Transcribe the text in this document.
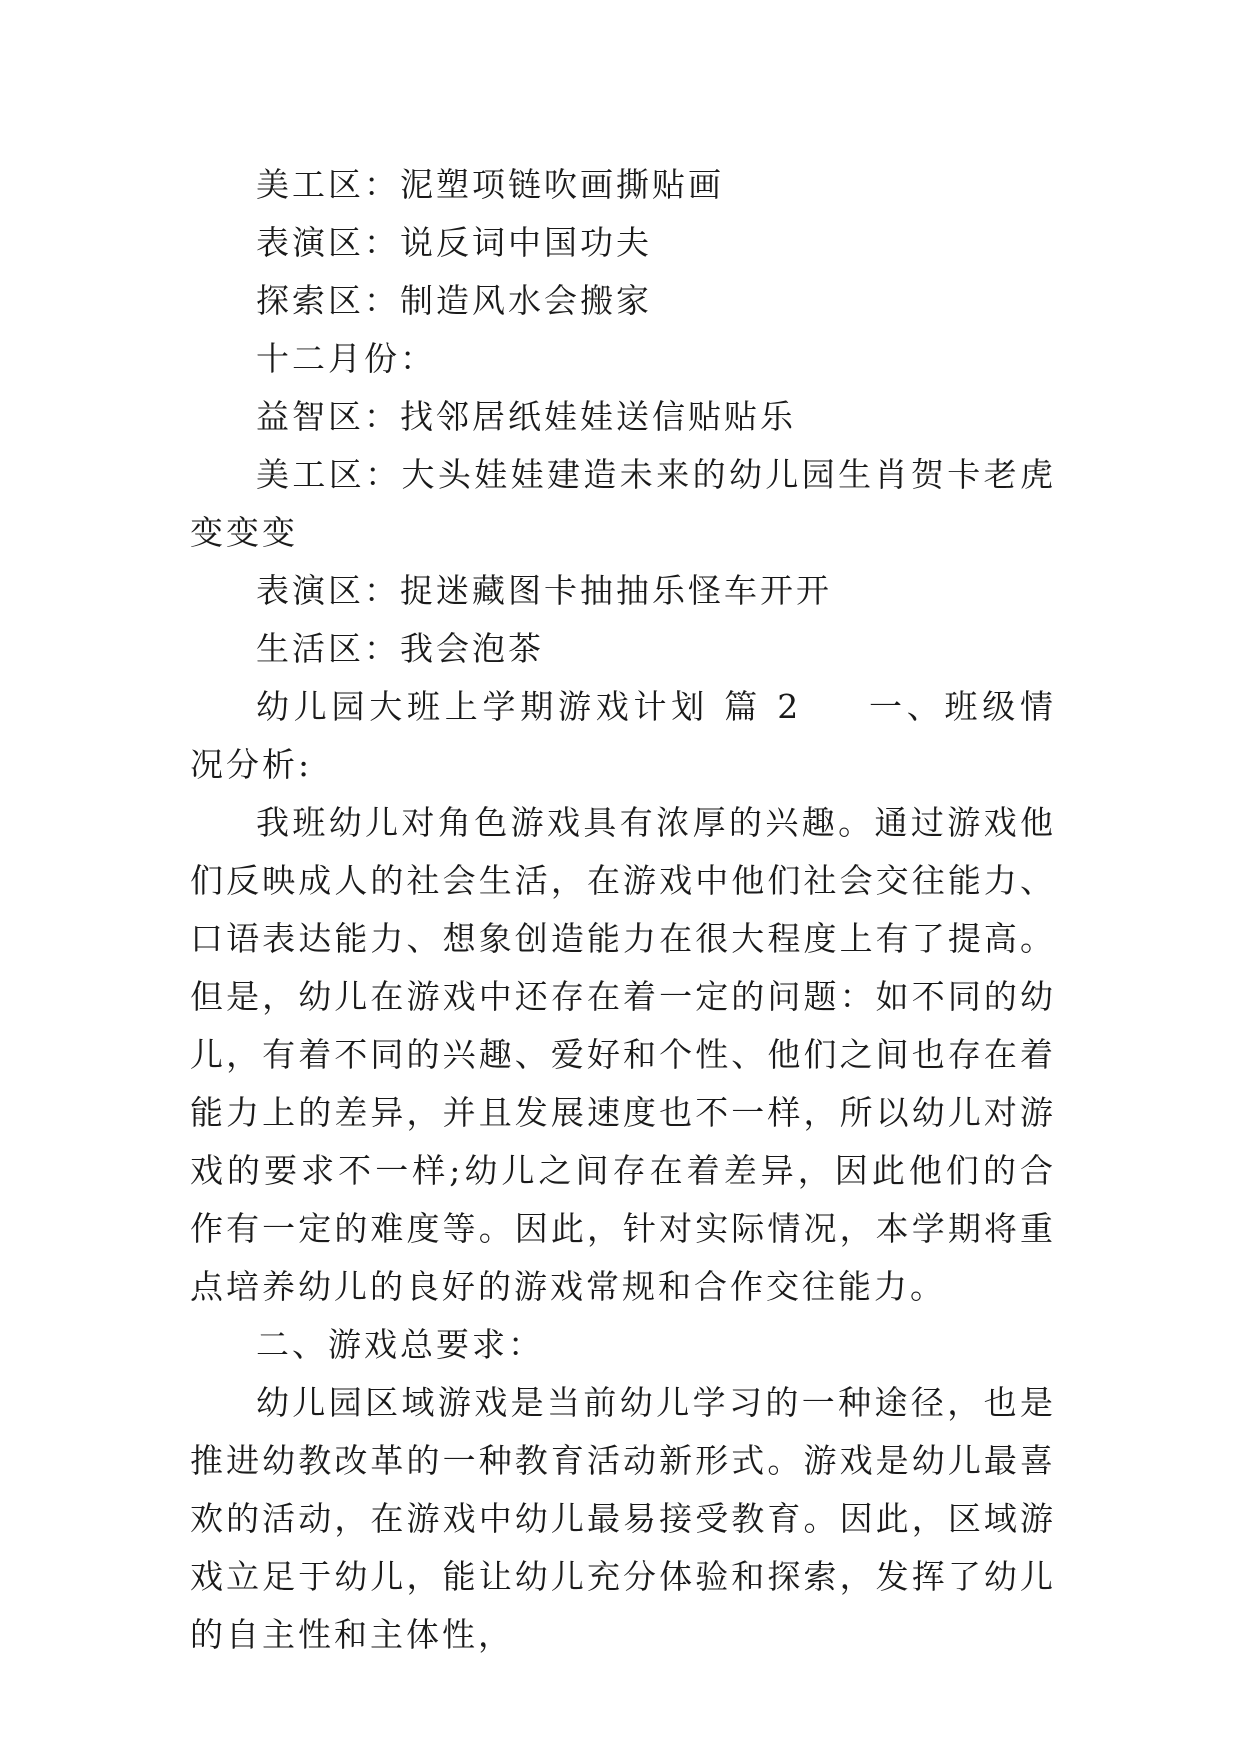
美工区：泥塑项链吹画撕贴画

表演区：说反词中国功夫

探索区：制造风水会搬家

十二月份：

益智区：找邻居纸娃娃送信贴贴乐

美工区：大头娃娃建造未来的幼儿园生肖贺卡老虎变变变

表演区：捉迷藏图卡抽抽乐怪车开开

生活区：我会泡茶

幼儿园大班上学期游戏计划 篇 2 一、班级情况分析:

我班幼儿对角色游戏具有浓厚的兴趣。通过游戏他们反映成人的社会生活，在游戏中他们社会交往能力、口语表达能力、想象创造能力在很大程度上有了提高。但是，幼儿在游戏中还存在着一定的问题：如不同的幼儿，有着不同的兴趣、爱好和个性、他们之间也存在着能力上的差异，并且发展速度也不一样，所以幼儿对游戏的要求不一样;幼儿之间存在着差异，因此他们的合作有一定的难度等。因此，针对实际情况，本学期将重点培养幼儿的良好的游戏常规和合作交往能力。

二、游戏总要求：

幼儿园区域游戏是当前幼儿学习的一种途径，也是推进幼教改革的一种教育活动新形式。游戏是幼儿最喜欢的活动，在游戏中幼儿最易接受教育。因此，区域游戏立足于幼儿，能让幼儿充分体验和探索，发挥了幼儿的自主性和主体性，
